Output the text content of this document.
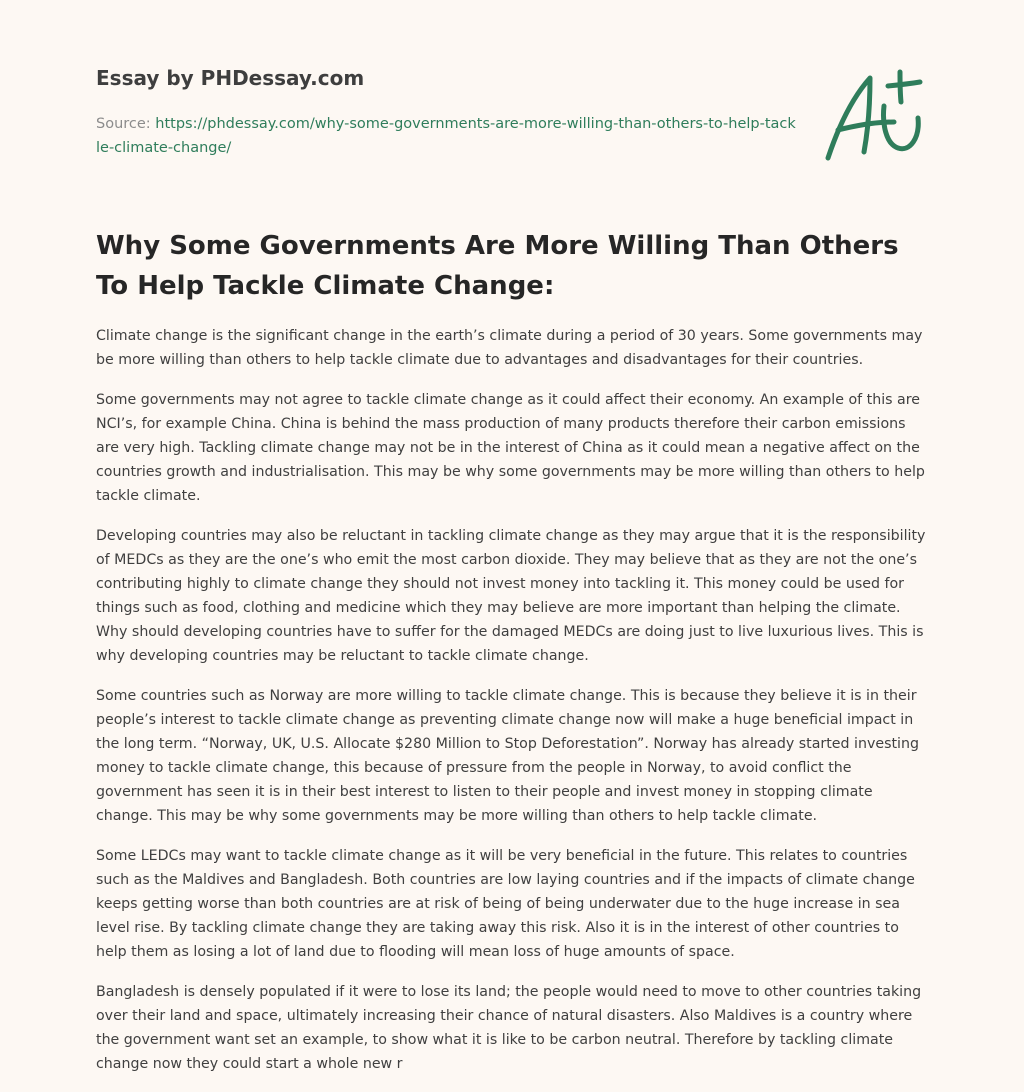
Essay by PHDessay.com
Source: https://phdessay.com/why-some-governments-are-more-willing-than-others-to-help-tackle-climate-change/
Why Some Governments Are More Willing Than Others To Help Tackle Climate Change:

Climate change is the significant change in the earth’s climate during a period of 30 years. Some governments may be more willing than others to help tackle climate due to advantages and disadvantages for their countries.

Some governments may not agree to tackle climate change as it could affect their economy. An example of this are NCI’s, for example China. China is behind the mass production of many products therefore their carbon emissions are very high. Tackling climate change may not be in the interest of China as it could mean a negative affect on the countries growth and industrialisation. This may be why some governments may be more willing than others to help tackle climate.

Developing countries may also be reluctant in tackling climate change as they may argue that it is the responsibility of MEDCs as they are the one’s who emit the most carbon dioxide. They may believe that as they are not the one’s contributing highly to climate change they should not invest money into tackling it. This money could be used for things such as food, clothing and medicine which they may believe are more important than helping the climate. Why should developing countries have to suffer for the damaged MEDCs are doing just to live luxurious lives. This is why developing countries may be reluctant to tackle climate change.

Some countries such as Norway are more willing to tackle climate change. This is because they believe it is in their people’s interest to tackle climate change as preventing climate change now will make a huge beneficial impact in the long term. “Norway, UK, U.S. Allocate $280 Million to Stop Deforestation”. Norway has already started investing money to tackle climate change, this because of pressure from the people in Norway, to avoid conflict the government has seen it is in their best interest to listen to their people and invest money in stopping climate change. This may be why some governments may be more willing than others to help tackle climate.

Some LEDCs may want to tackle climate change as it will be very beneficial in the future. This relates to countries such as the Maldives and Bangladesh. Both countries are low laying countries and if the impacts of climate change keeps getting worse than both countries are at risk of being of being underwater due to the huge increase in sea level rise. By tackling climate change they are taking away this risk. Also it is in the interest of other countries to help them as losing a lot of land due to flooding will mean loss of huge amounts of space.

Bangladesh is densely populated if it were to lose its land; the people would need to move to other countries taking over their land and space, ultimately increasing their chance of natural disasters. Also Maldives is a country where the government want set an example, to show what it is like to be carbon neutral. Therefore by tackling climate change now they could start a whole new r
